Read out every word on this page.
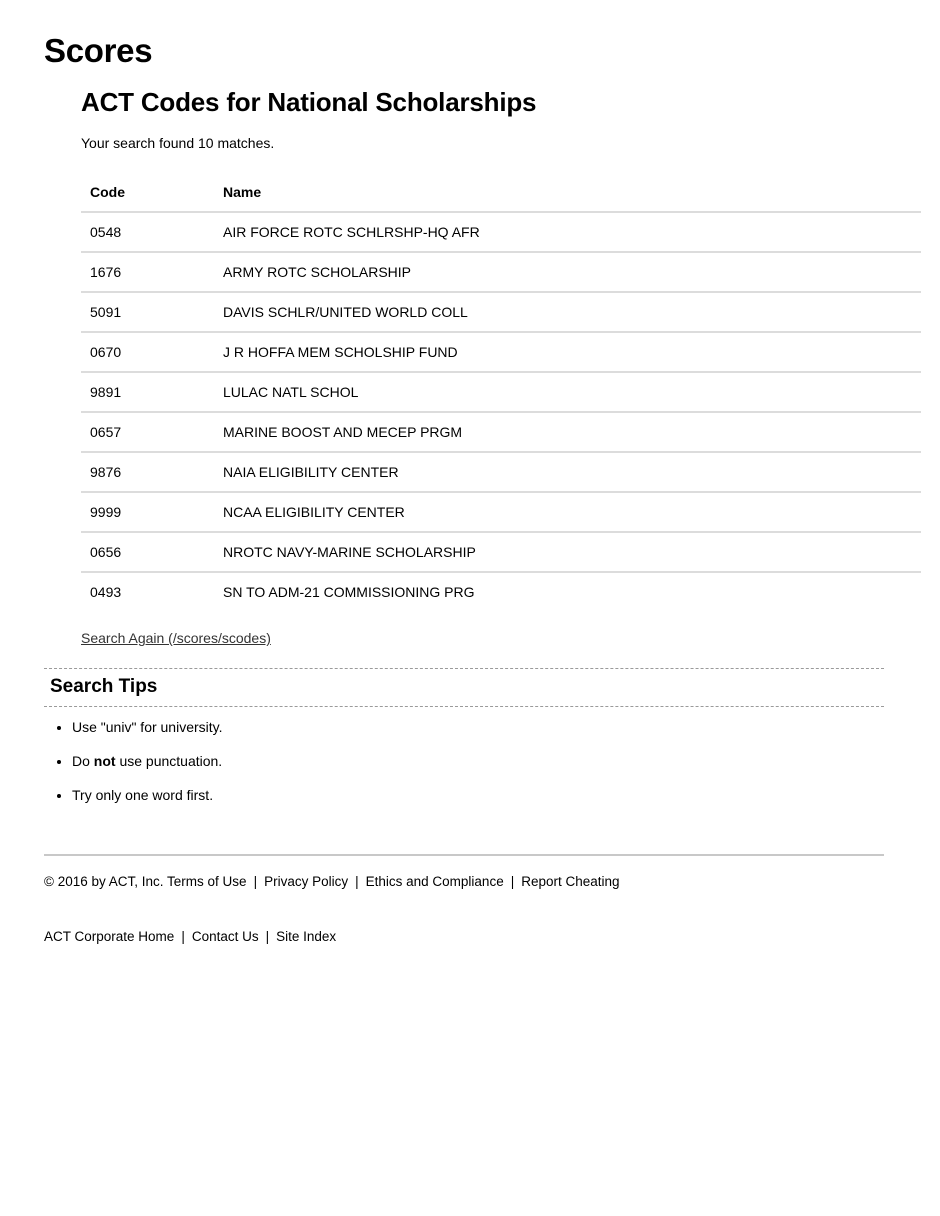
Scores
ACT Codes for National Scholarships

Your search found 10 matches.

Code	Name
0548	AIR FORCE ROTC SCHLRSHP-HQ AFR
1676	ARMY ROTC SCHOLARSHIP
5091	DAVIS SCHLR/UNITED WORLD COLL
0670	J R HOFFA MEM SCHOLSHIP FUND
9891	LULAC NATL SCHOL
0657	MARINE BOOST AND MECEP PRGM
9876	NAIA ELIGIBILITY CENTER
9999	NCAA ELIGIBILITY CENTER
0656	NROTC NAVY-MARINE SCHOLARSHIP
0493	SN TO ADM-21 COMMISSIONING PRG
Search Again (/scores/scodes)
Search Tips
• Use "univ" for university.
• Do not use punctuation.
• Try only one word first.
© 2016 by ACT, Inc. Terms of Use | Privacy Policy | Ethics and Compliance | Report Cheating
ACT Corporate Home | Contact Us | Site Index
